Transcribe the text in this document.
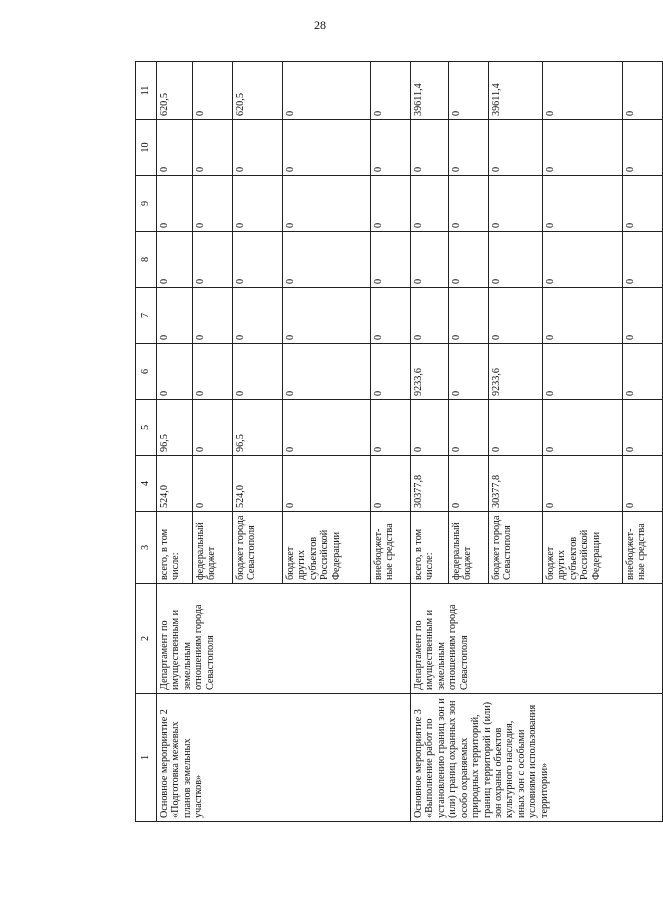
28
1	2	3	4	5	6	7	8	9	10	11
Основное мероприятие 2 «Подготовка межевых планов земельных участков»	Департамент по имущественным и земельным отношениям города Севастополя	всего, в том числе:	524,0	96,5	0	0	0	0	0	620,5
		федеральный бюджет	0	0	0	0	0	0	0	0
		бюджет города Севастополя	524,0	96,5	0	0	0	0	0	620,5
		бюджет других субъектов Российской Федерации	0	0	0	0	0	0	0	0
		внебюджет-ные средства	0	0	0	0	0	0	0	0
Основное мероприятие 3 «Выполнение работ по установлению границ зон и (или) границ охранных зон особо охраняемых природных территорий, границ территорий и (или) зон охраны объектов культурного наследия, иных зон с особыми условиями использования территории»	Департамент по имущественным и земельным отношениям города Севастополя	всего, в том числе:	30377,8	0	9233,6	0	0	0	0	39611,4
		федеральный бюджет	0	0	0	0	0	0	0	0
		бюджет города Севастополя	30377,8	0	9233,6	0	0	0	0	39611,4
		бюджет других субъектов Российской Федерации	0	0	0	0	0	0	0	0
		внебюджет-ные средства	0	0	0	0	0	0	0	0
